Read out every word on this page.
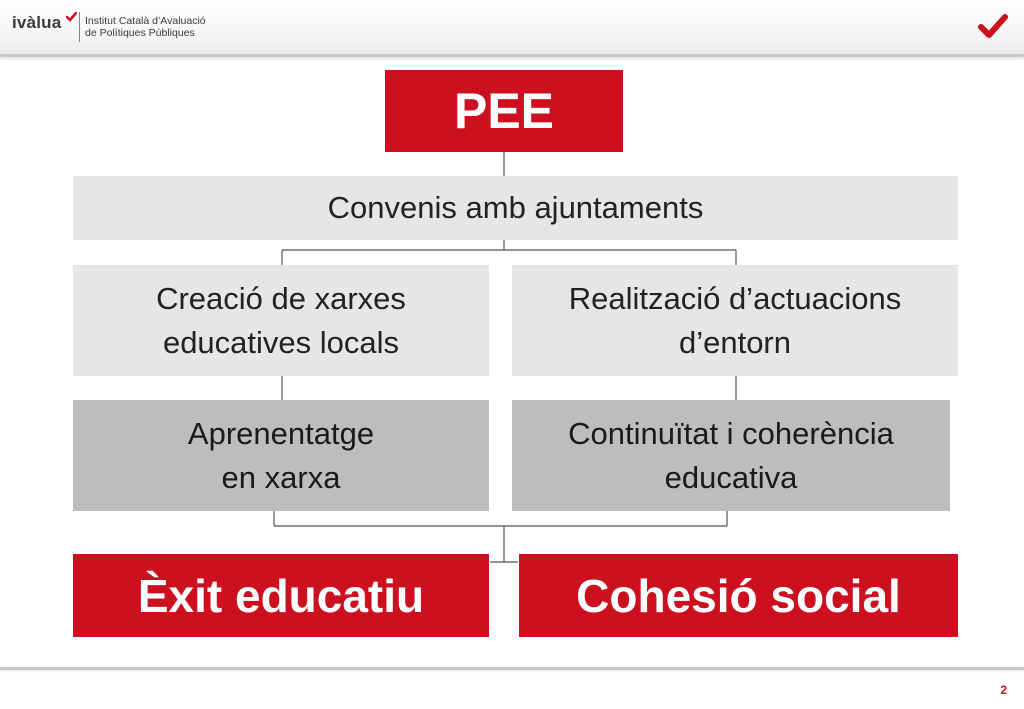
ivàlua Institut Català d’Avaluació
de Polítiques Públiques
PEE
Convenis amb ajuntaments
Creació de xarxes
educatives locals
Realització d’actuacions
d’entorn
Aprenentatge
en xarxa
Continuïtat i coherència
educativa
Èxit educatiu	Cohesió social
2
